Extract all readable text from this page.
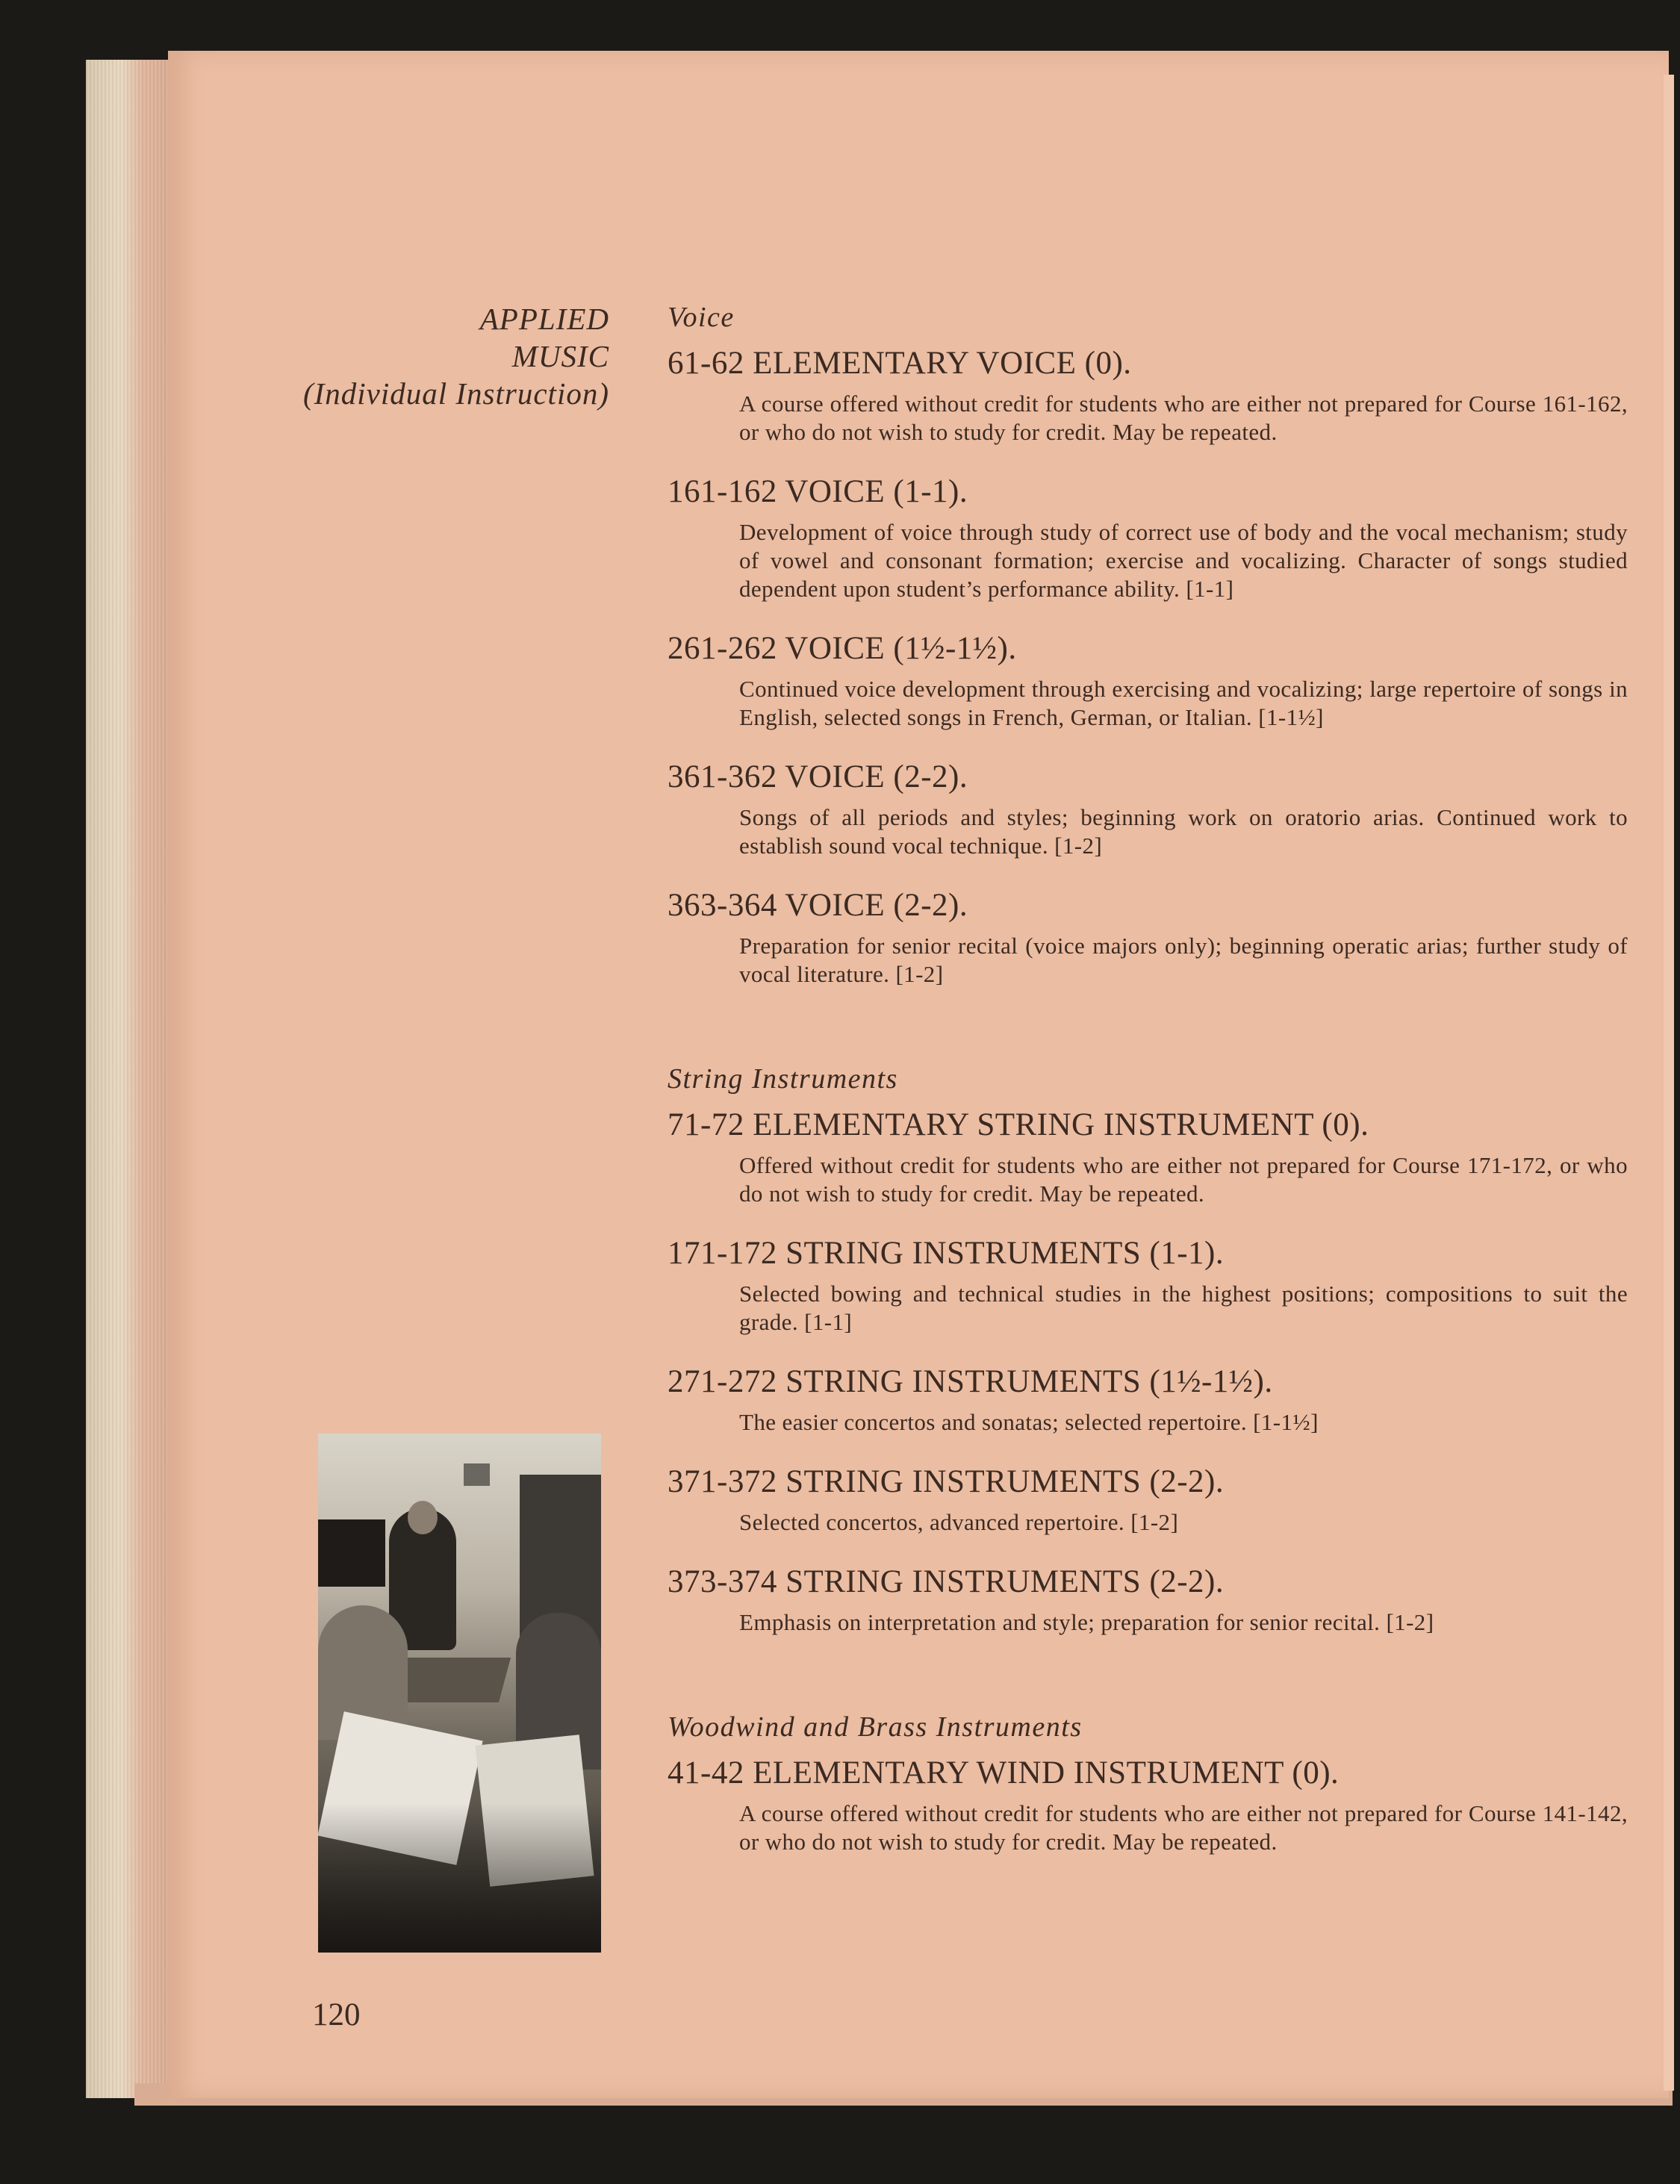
APPLIED
MUSIC
(Individual Instruction)
Voice

61-62 ELEMENTARY VOICE (0).

A course offered without credit for students who are either not prepared for Course 161-162, or who do not wish to study for credit. May be repeated.

161-162 VOICE (1-1).

Development of voice through study of correct use of body and the vocal mechanism; study of vowel and consonant formation; exercise and vocalizing. Character of songs studied dependent upon student’s performance ability. [1-1]

261-262 VOICE (1½-1½).

Continued voice development through exercising and vocalizing; large repertoire of songs in English, selected songs in French, German, or Italian. [1-1½]

361-362 VOICE (2-2).

Songs of all periods and styles; beginning work on oratorio arias. Continued work to establish sound vocal technique. [1-2]

363-364 VOICE (2-2).

Preparation for senior recital (voice majors only); beginning operatic arias; further study of vocal literature. [1-2]

String Instruments

71-72 ELEMENTARY STRING INSTRUMENT (0).

Offered without credit for students who are either not prepared for Course 171-172, or who do not wish to study for credit. May be repeated.

171-172 STRING INSTRUMENTS (1-1).

Selected bowing and technical studies in the highest positions; compositions to suit the grade. [1-1]

271-272 STRING INSTRUMENTS (1½-1½).

The easier concertos and sonatas; selected repertoire. [1-1½]

371-372 STRING INSTRUMENTS (2-2).

Selected concertos, advanced repertoire. [1-2]

373-374 STRING INSTRUMENTS (2-2).

Emphasis on interpretation and style; preparation for senior recital. [1-2]

Woodwind and Brass Instruments

41-42 ELEMENTARY WIND INSTRUMENT (0).

A course offered without credit for students who are either not prepared for Course 141-142, or who do not wish to study for credit. May be repeated.

120
